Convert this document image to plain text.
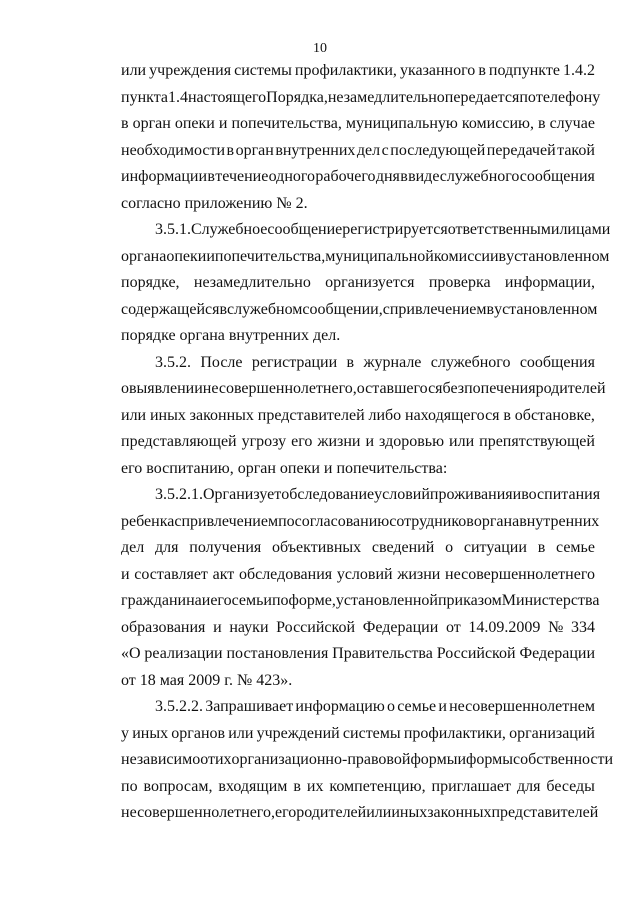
10
или учреждения системы профилактики, указанного в подпункте 1.4.2
пункта 1.4 настоящего Порядка, незамедлительно передается по телефону
в орган опеки и попечительства, муниципальную комиссию, в случае
необходимости в орган внутренних дел с последующей передачей такой
информации в течение одного рабочего дня в виде служебного сообщения
согласно приложению № 2.
3.5.1. Служебное сообщение регистрируется ответственными лицами
органа опеки и попечительства, муниципальной комиссии в установленном
порядке, незамедлительно организуется проверка информации,
содержащейся в служебном сообщении, с привлечением в установленном
порядке органа внутренних дел.
3.5.2. После регистрации в журнале служебного сообщения
о выявлении несовершеннолетнего, оставшегося без попечения родителей
или иных законных представителей либо находящегося в обстановке,
представляющей угрозу его жизни и здоровью или препятствующей
его воспитанию, орган опеки и попечительства:
3.5.2.1. Организует обследование условий проживания и воспитания
ребенка с привлечением по согласованию сотрудников органа внутренних
дел для получения объективных сведений о ситуации в семье
и составляет акт обследования условий жизни несовершеннолетнего
гражданина и его семьи по форме, установленной приказом Министерства
образования и науки Российской Федерации от 14.09.2009 № 334
«О реализации постановления Правительства Российской Федерации
от 18 мая 2009 г. № 423».
3.5.2.2. Запрашивает информацию о семье и несовершеннолетнем
у иных органов или учреждений системы профилактики, организаций
независимо от их организационно-правовой формы и формы собственности
по вопросам, входящим в их компетенцию, приглашает для беседы
несовершеннолетнего, его родителей или иных законных представителей
